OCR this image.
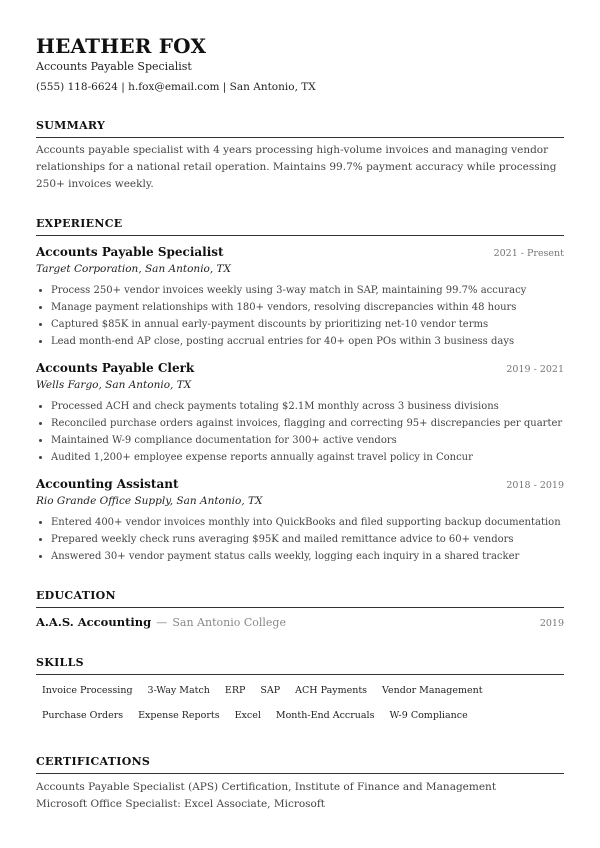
HEATHER FOX
Accounts Payable Specialist
(555) 118-6624 | h.fox@email.com | San Antonio, TX
SUMMARY
Accounts payable specialist with 4 years processing high-volume invoices and managing vendor relationships for a national retail operation. Maintains 99.7% payment accuracy while processing 250+ invoices weekly.
EXPERIENCE
Accounts Payable Specialist	2021 - Present
Target Corporation, San Antonio, TX
• Process 250+ vendor invoices weekly using 3-way match in SAP, maintaining 99.7% accuracy
• Manage payment relationships with 180+ vendors, resolving discrepancies within 48 hours
• Captured $85K in annual early-payment discounts by prioritizing net-10 vendor terms
• Lead month-end AP close, posting accrual entries for 40+ open POs within 3 business days
Accounts Payable Clerk	2019 - 2021
Wells Fargo, San Antonio, TX
• Processed ACH and check payments totaling $2.1M monthly across 3 business divisions
• Reconciled purchase orders against invoices, flagging and correcting 95+ discrepancies per quarter
• Maintained W-9 compliance documentation for 300+ active vendors
• Audited 1,200+ employee expense reports annually against travel policy in Concur
Accounting Assistant	2018 - 2019
Rio Grande Office Supply, San Antonio, TX
• Entered 400+ vendor invoices monthly into QuickBooks and filed supporting backup documentation
• Prepared weekly check runs averaging $95K and mailed remittance advice to 60+ vendors
• Answered 30+ vendor payment status calls weekly, logging each inquiry in a shared tracker
EDUCATION
A.A.S. Accounting — San Antonio College	2019
SKILLS
Invoice Processing	3-Way Match	ERP	SAP	ACH Payments	Vendor Management
Purchase Orders	Expense Reports	Excel	Month-End Accruals	W-9 Compliance
CERTIFICATIONS
Accounts Payable Specialist (APS) Certification, Institute of Finance and Management
Microsoft Office Specialist: Excel Associate, Microsoft
